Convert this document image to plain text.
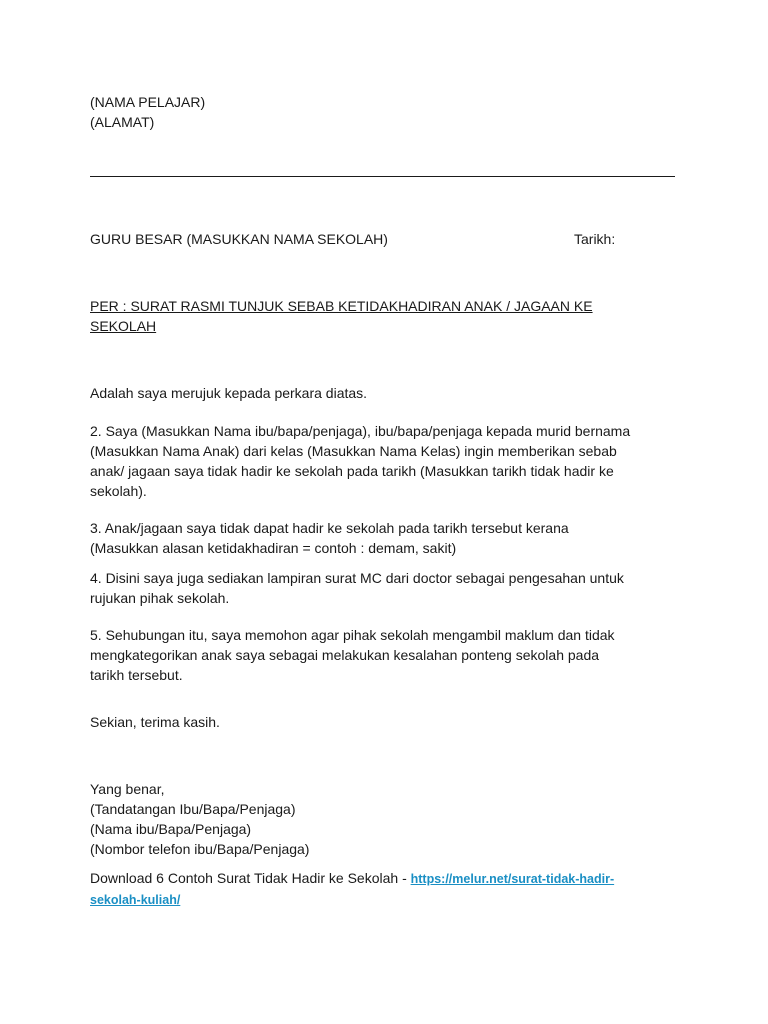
(NAMA PELAJAR)
(ALAMAT)
GURU BESAR (MASUKKAN NAMA SEKOLAH)	Tarikh:
PER : SURAT RASMI TUNJUK SEBAB KETIDAKHADIRAN ANAK / JAGAAN KE
SEKOLAH
Adalah saya merujuk kepada perkara diatas.
2. Saya (Masukkan Nama ibu/bapa/penjaga), ibu/bapa/penjaga kepada murid bernama
(Masukkan Nama Anak) dari kelas (Masukkan Nama Kelas) ingin memberikan sebab
anak/ jagaan saya tidak hadir ke sekolah pada tarikh (Masukkan tarikh tidak hadir ke
sekolah).
3. Anak/jagaan saya tidak dapat hadir ke sekolah pada tarikh tersebut kerana
(Masukkan alasan ketidakhadiran = contoh : demam, sakit)
4. Disini saya juga sediakan lampiran surat MC dari doctor sebagai pengesahan untuk
rujukan pihak sekolah.
5. Sehubungan itu, saya memohon agar pihak sekolah mengambil maklum dan tidak
mengkategorikan anak saya sebagai melakukan kesalahan ponteng sekolah pada
tarikh tersebut.
Sekian, terima kasih.
Yang benar,
(Tandatangan Ibu/Bapa/Penjaga)
(Nama ibu/Bapa/Penjaga)
(Nombor telefon ibu/Bapa/Penjaga)
Download 6 Contoh Surat Tidak Hadir ke Sekolah - https://melur.net/surat-tidak-hadir-
sekolah-kuliah/
